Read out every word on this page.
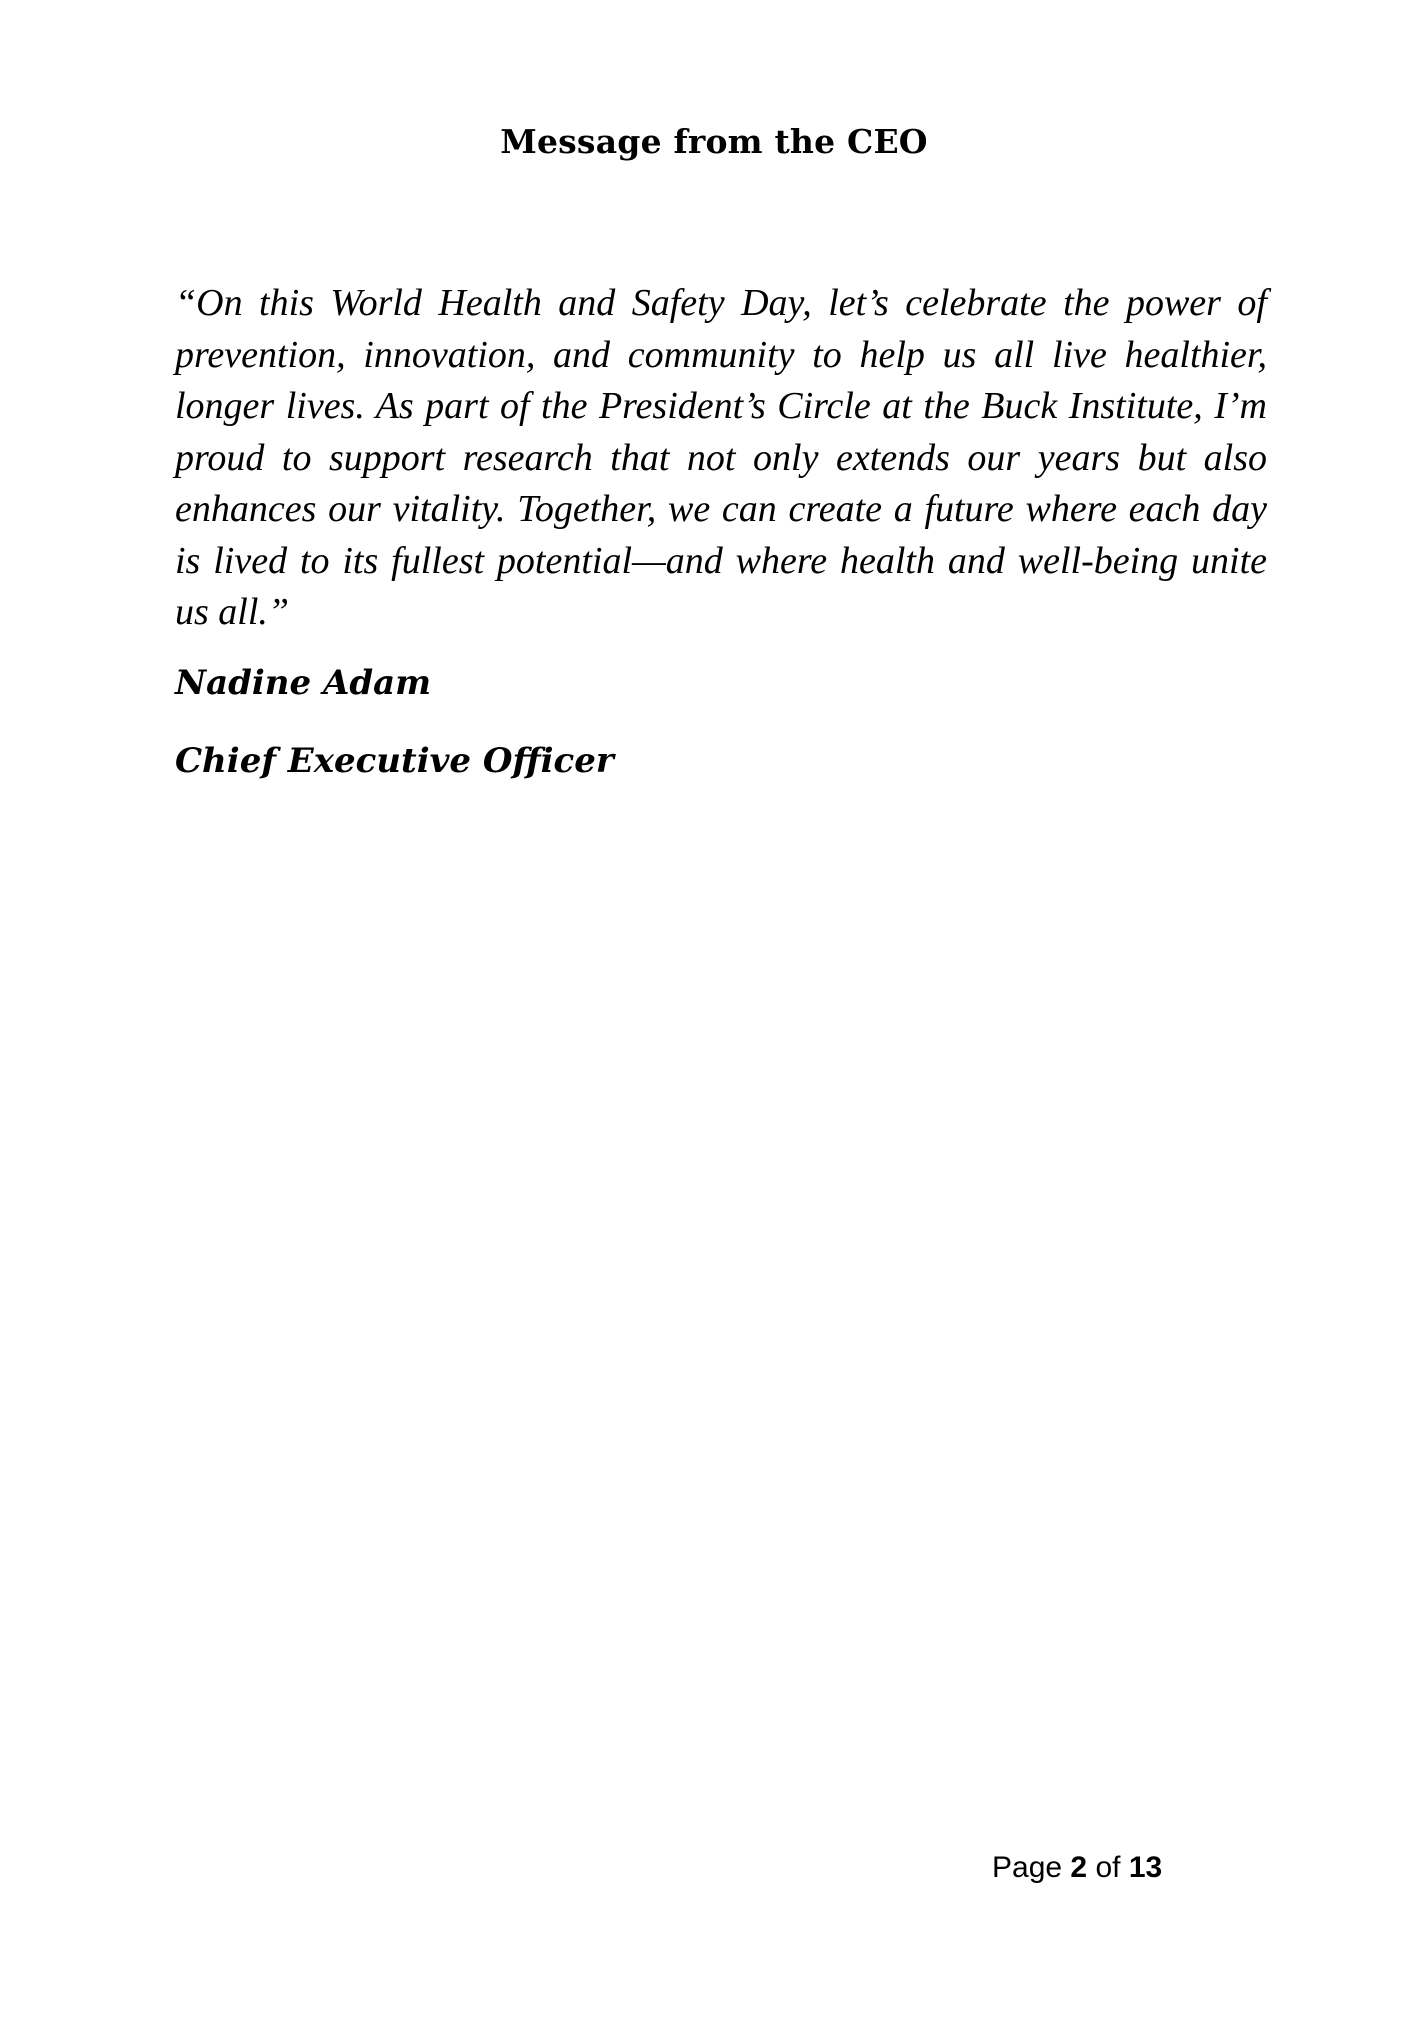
Message from the CEO

“On this World Health and Safety Day, let’s celebrate the power of prevention, innovation, and community to help us all live healthier, longer lives. As part of the President’s Circle at the Buck Institute, I’m proud to support research that not only extends our years but also enhances our vitality. Together, we can create a future where each day is lived to its fullest potential—and where health and well-being unite us all.”

Nadine Adam
Chief Executive Officer
Page 2 of 13
